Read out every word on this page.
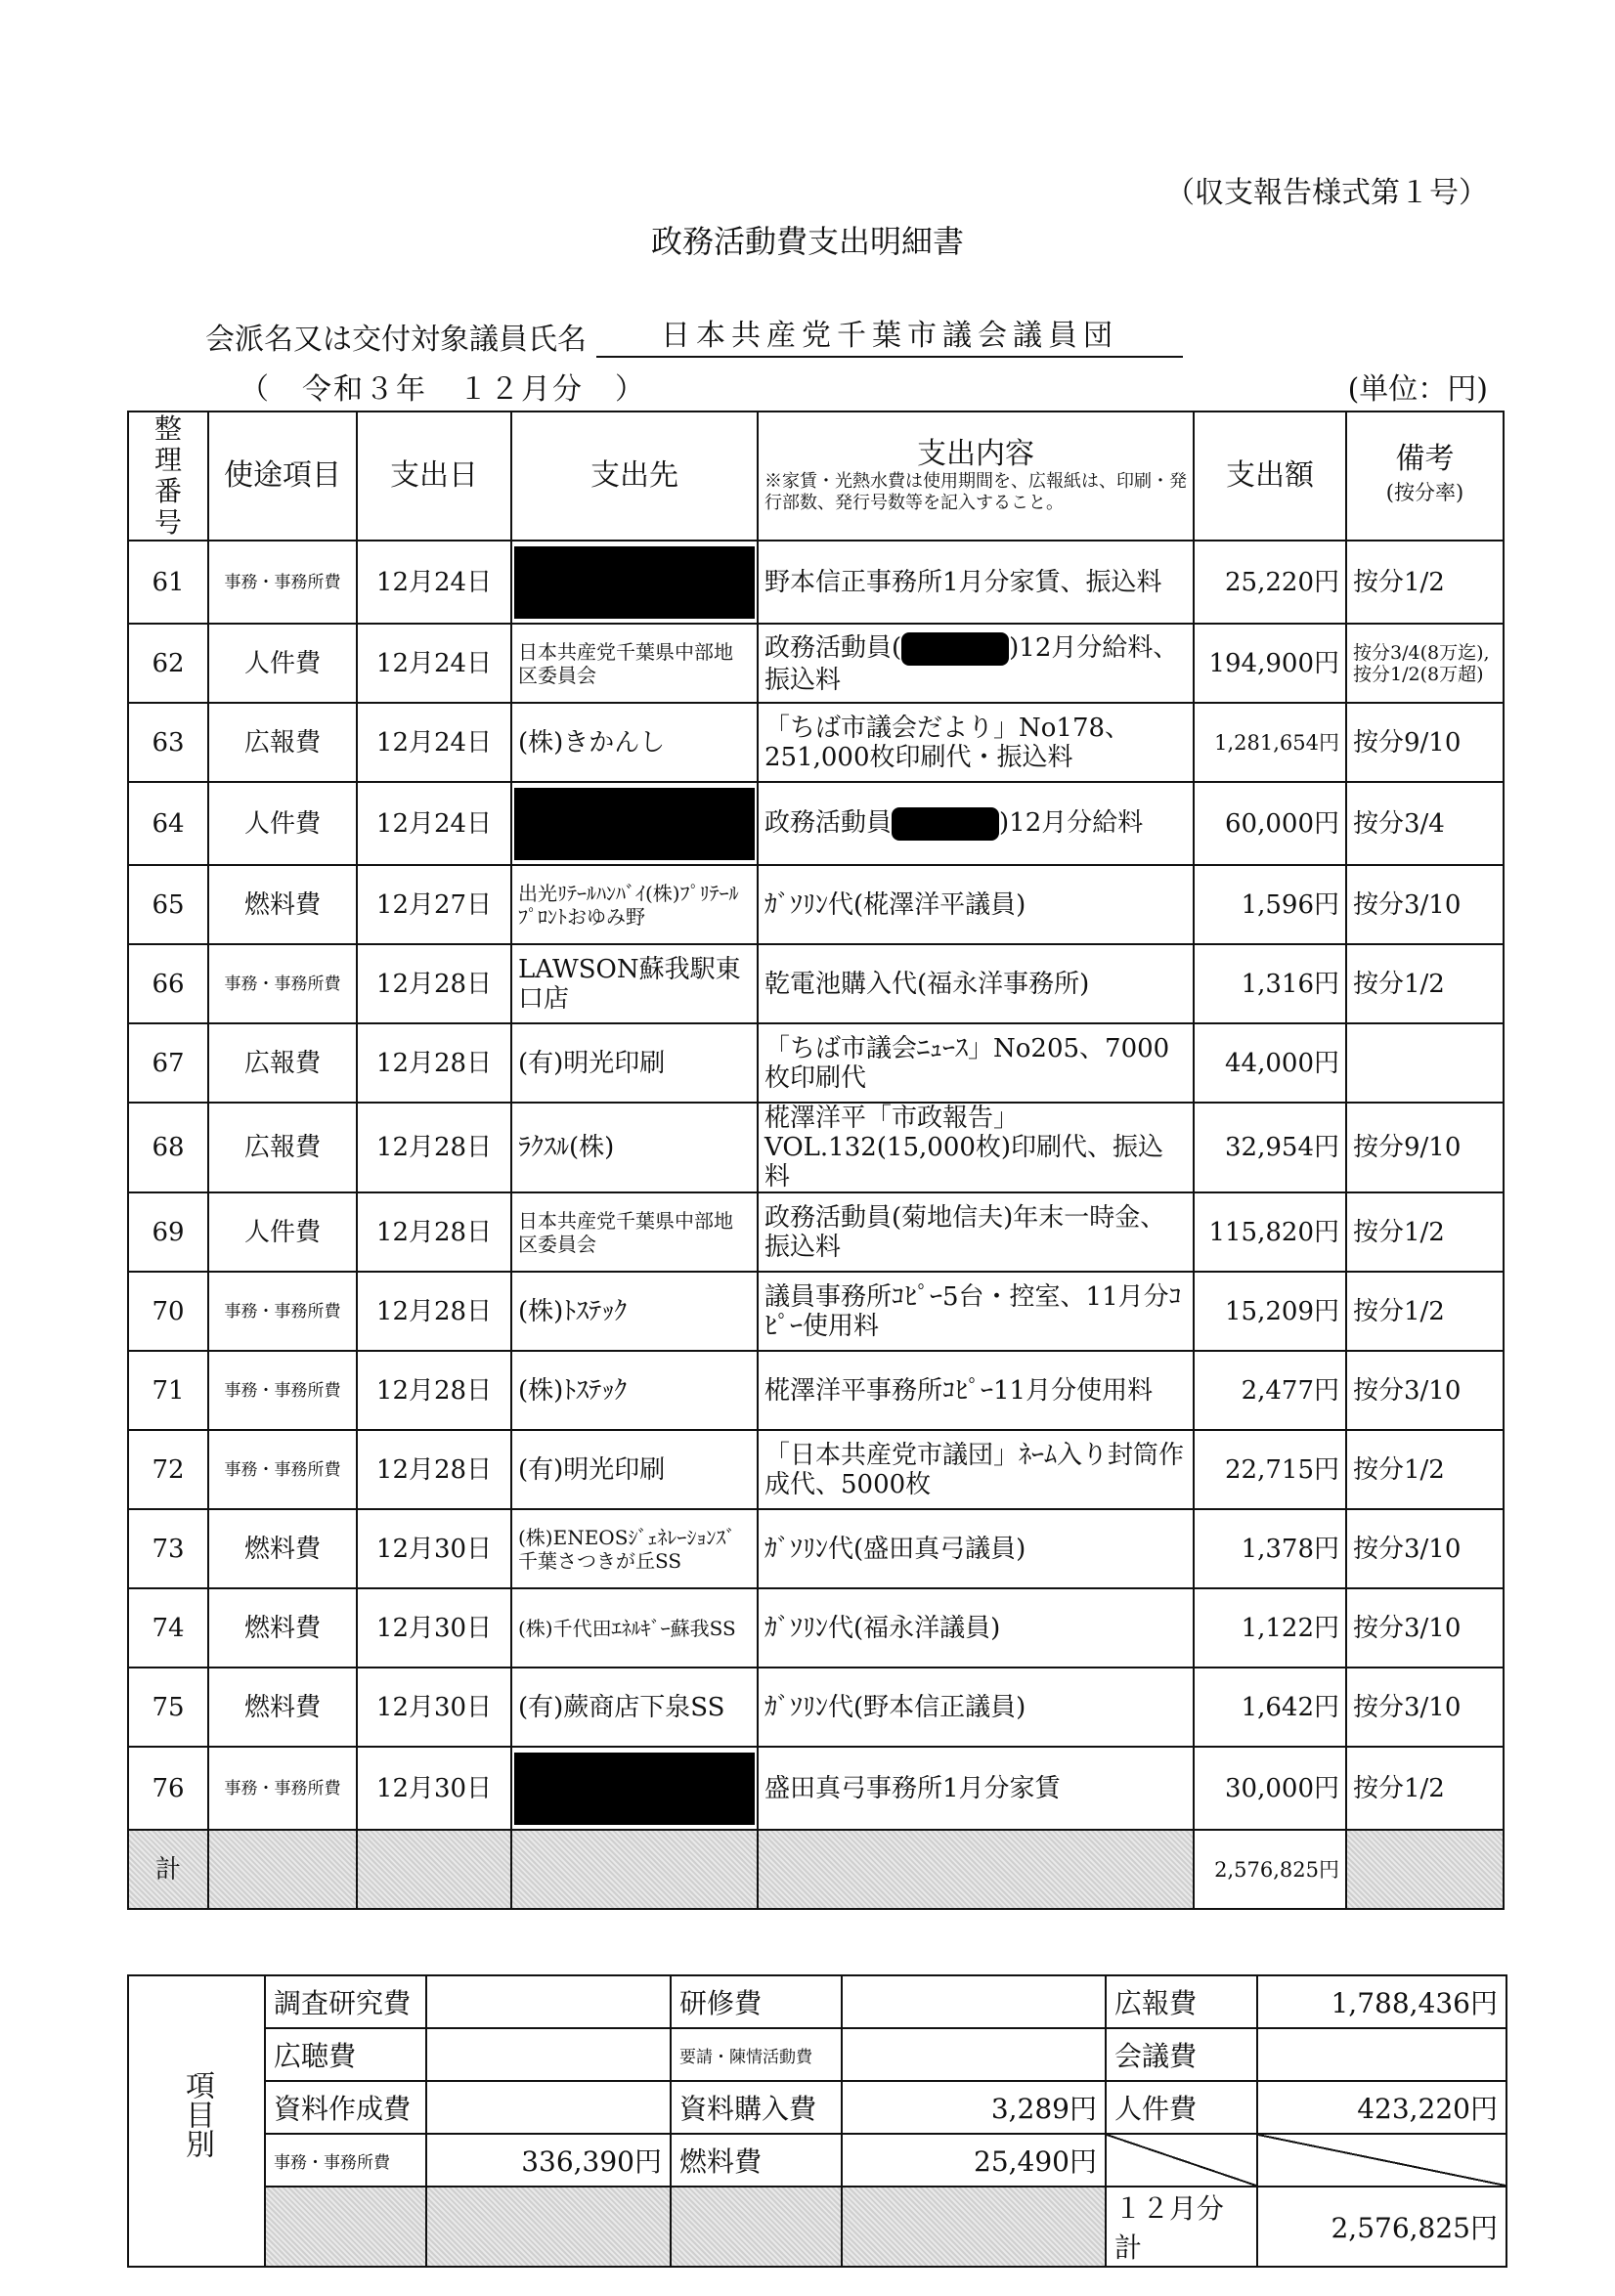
（収支報告様式第１号）
政務活動費支出明細書
会派名又は交付対象議員氏名	日本共産党千葉市議会議員団
（　令和３年　１２月分　）	(単位：円)
整理番号	使途項目	支出日	支出先	支出内容
※家賃・光熱水費は使用期間を、広報紙は、印刷・発行部数、発行号数等を記入すること。	支出額	備考
(按分率)

61	事務・事務所費	12月24日		野本信正事務所1月分家賃、振込料	25,220円	按分1/2
62	人件費	12月24日	日本共産党千葉県中部地区委員会	政務活動員( )12月分給料、振込料	194,900円	按分3/4(8万迄),按分1/2(8万超)
63	広報費	12月24日	(株)きかんし	「ちば市議会だより」No178、251,000枚印刷代・振込料	1,281,654円	按分9/10
64	人件費	12月24日		政務活動員 )12月分給料	60,000円	按分3/4
65	燃料費	12月27日	出光ﾘﾃｰﾙﾊﾝﾊﾞｲ(株)ﾌﾟﾘﾃｰﾙﾌﾟﾛﾝﾄおゆみ野	ｶﾞｿﾘﾝ代(椛澤洋平議員)	1,596円	按分3/10
66	事務・事務所費	12月28日	LAWSON蘇我駅東口店	乾電池購入代(福永洋事務所)	1,316円	按分1/2
67	広報費	12月28日	(有)明光印刷	「ちば市議会ﾆｭｰｽ」No205、7000枚印刷代	44,000円	
68	広報費	12月28日	ﾗｸｽﾙ(株)	椛澤洋平「市政報告」VOL.132(15,000枚)印刷代、振込料	32,954円	按分9/10
69	人件費	12月28日	日本共産党千葉県中部地区委員会	政務活動員(菊地信夫)年末一時金、振込料	115,820円	按分1/2
70	事務・事務所費	12月28日	(株)ﾄｽﾃｯｸ	議員事務所ｺﾋﾟｰ5台・控室、11月分ｺﾋﾟｰ使用料	15,209円	按分1/2
71	事務・事務所費	12月28日	(株)ﾄｽﾃｯｸ	椛澤洋平事務所ｺﾋﾟｰ11月分使用料	2,477円	按分3/10
72	事務・事務所費	12月28日	(有)明光印刷	「日本共産党市議団」ﾈｰﾑ入り封筒作成代、5000枚	22,715円	按分1/2
73	燃料費	12月30日	(株)ENEOSｼﾞｪﾈﾚｰｼｮﾝｽﾞ千葉さつきが丘SS	ｶﾞｿﾘﾝ代(盛田真弓議員)	1,378円	按分3/10
74	燃料費	12月30日	(株)千代田ｴﾈﾙｷﾞｰ蘇我SS	ｶﾞｿﾘﾝ代(福永洋議員)	1,122円	按分3/10
75	燃料費	12月30日	(有)蕨商店下泉SS	ｶﾞｿﾘﾝ代(野本信正議員)	1,642円	按分3/10
76	事務・事務所費	12月30日		盛田真弓事務所1月分家賃	30,000円	按分1/2
計					2,576,825円	
項目別	調査研究費		研修費		広報費	1,788,436円
	広聴費		要請・陳情活動費		会議費	
	資料作成費		資料購入費	3,289円	人件費	423,220円
	事務・事務所費	336,390円	燃料費	25,490円		
					１２月分計	2,576,825円
